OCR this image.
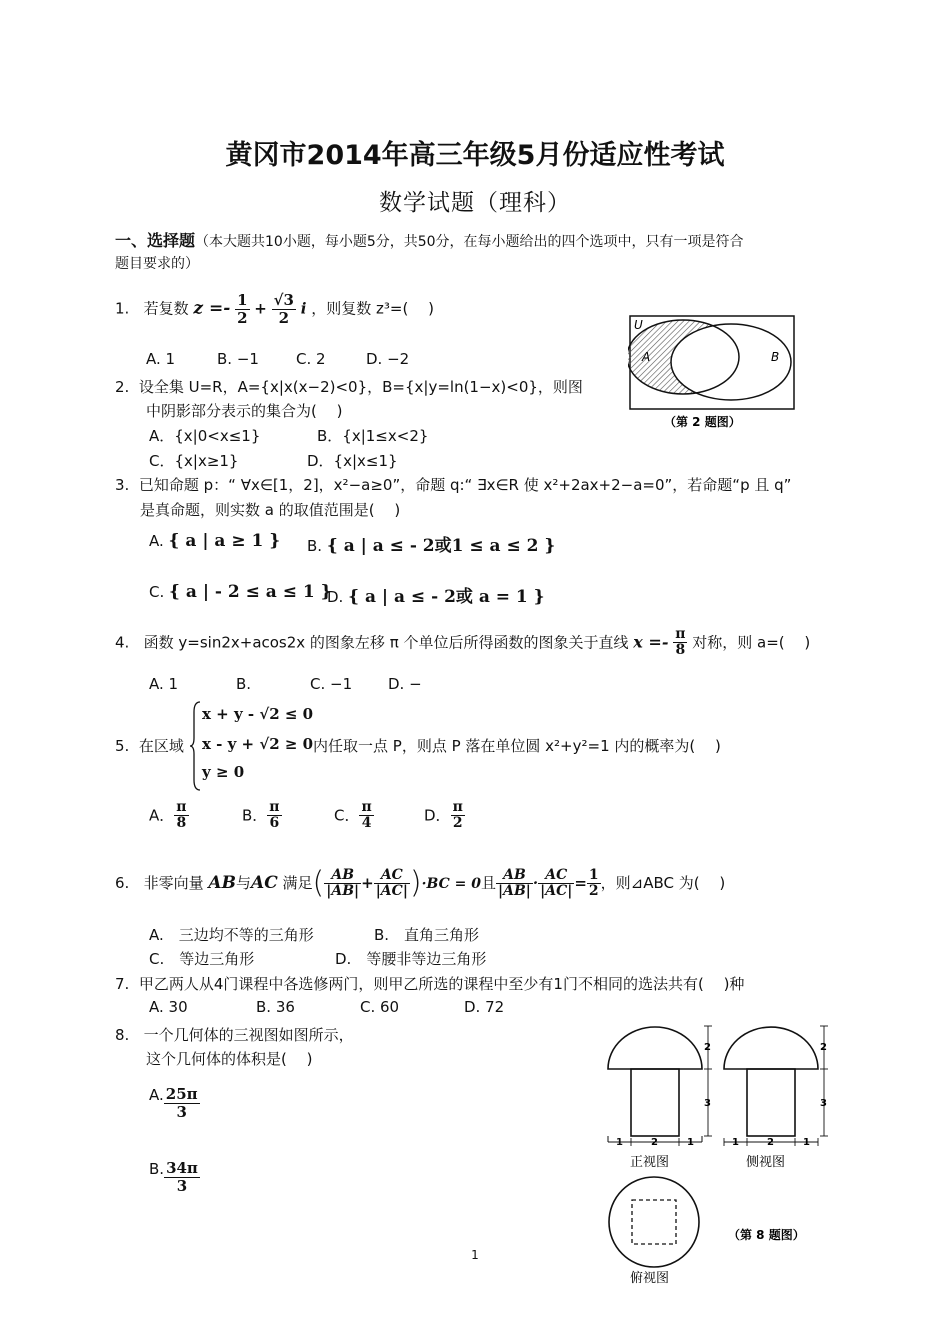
黄冈市2014年高三年级5月份适应性考试
数学试题（理科）
一、选择题（本大题共10小题，每小题5分，共50分，在每小题给出的四个选项中，只有一项是符合
题目要求的）
1. 若复数 $z =- \frac{1}{2} + \frac{√3}{2}$ i ，则复数 z³=(　 )
A. 1	B. −1 C. 2	D. −2
2. 设全集 U=R，A={x|x(x−2)<0}，B={x|y=ln(1−x)<0}，则图
中阴影部分表示的集合为(　 )
A．{x|0<x≤1}	B．{x|1≤x<2}
C．{x|x≥1}	D．{x|x≤1}
U
A	B
（第 2 题图）
3. 已知命题 p：“ ∀x∈[1，2]，x²−a≥0”，命题 q:“ ∃x∈R 使 x²+2ax+2−a=0”，若命题“p 且 q”
是真命题，则实数 a 的取值范围是(　 )
A. { a | a ≥ 1 } B. { a | a ≤ - 2或1 ≤ a ≤ 2 }
C. { a | - 2 ≤ a ≤ 1 }
D. { a | a ≤ - 2或 a = 1 }
4. 函数 y=sin2x+acos2x 的图象左移 π 个单位后所得函数的图象关于直线 $x =- \frac{\pi}{8}$ 对称，则 a=(　 )
A. 1	B.	C. −1 D. −
5. 在区域
x + y - √2 ≤ 0
x - y + √2 ≥ 0
y ≥ 0
内任取一点 P，则点 P 落在单位圆 x²+y²=1 内的概率为(　 )
A． $\frac{\pi}{8}$	B． $\frac{\pi}{6}$	C． $\frac{\pi}{4}$	D． $\frac{\pi}{2}$
6. 非零向量 AB与AC 满足( $\frac{AB}{|AB|} + \frac{AC}{|AC|} )\cdot BC = 0$且 $\frac{AB}{|AB|} \cdot \frac{AC}{|AC|} = \frac{1}{2}$ ，则⊿ABC 为(　 )
A.　三边均不等的三角形	B.　直角三角形
C.　等边三角形	D.　等腰非等边三角形
7. 甲乙两人从4门课程中各选修两门，则甲乙所选的课程中至少有1门不相同的选法共有(　 )种
A. 30	B. 36	C. 60	D. 72
8. 一个几何体的三视图如图所示，
这个几何体的体积是(　 )
A. $\frac{25\pi}{3}$
B. $\frac{34\pi}{3}$
2
3
1	2	1
正视图
2
3
1	2	1
侧视图
俯视图
（第 8 题图）
1
